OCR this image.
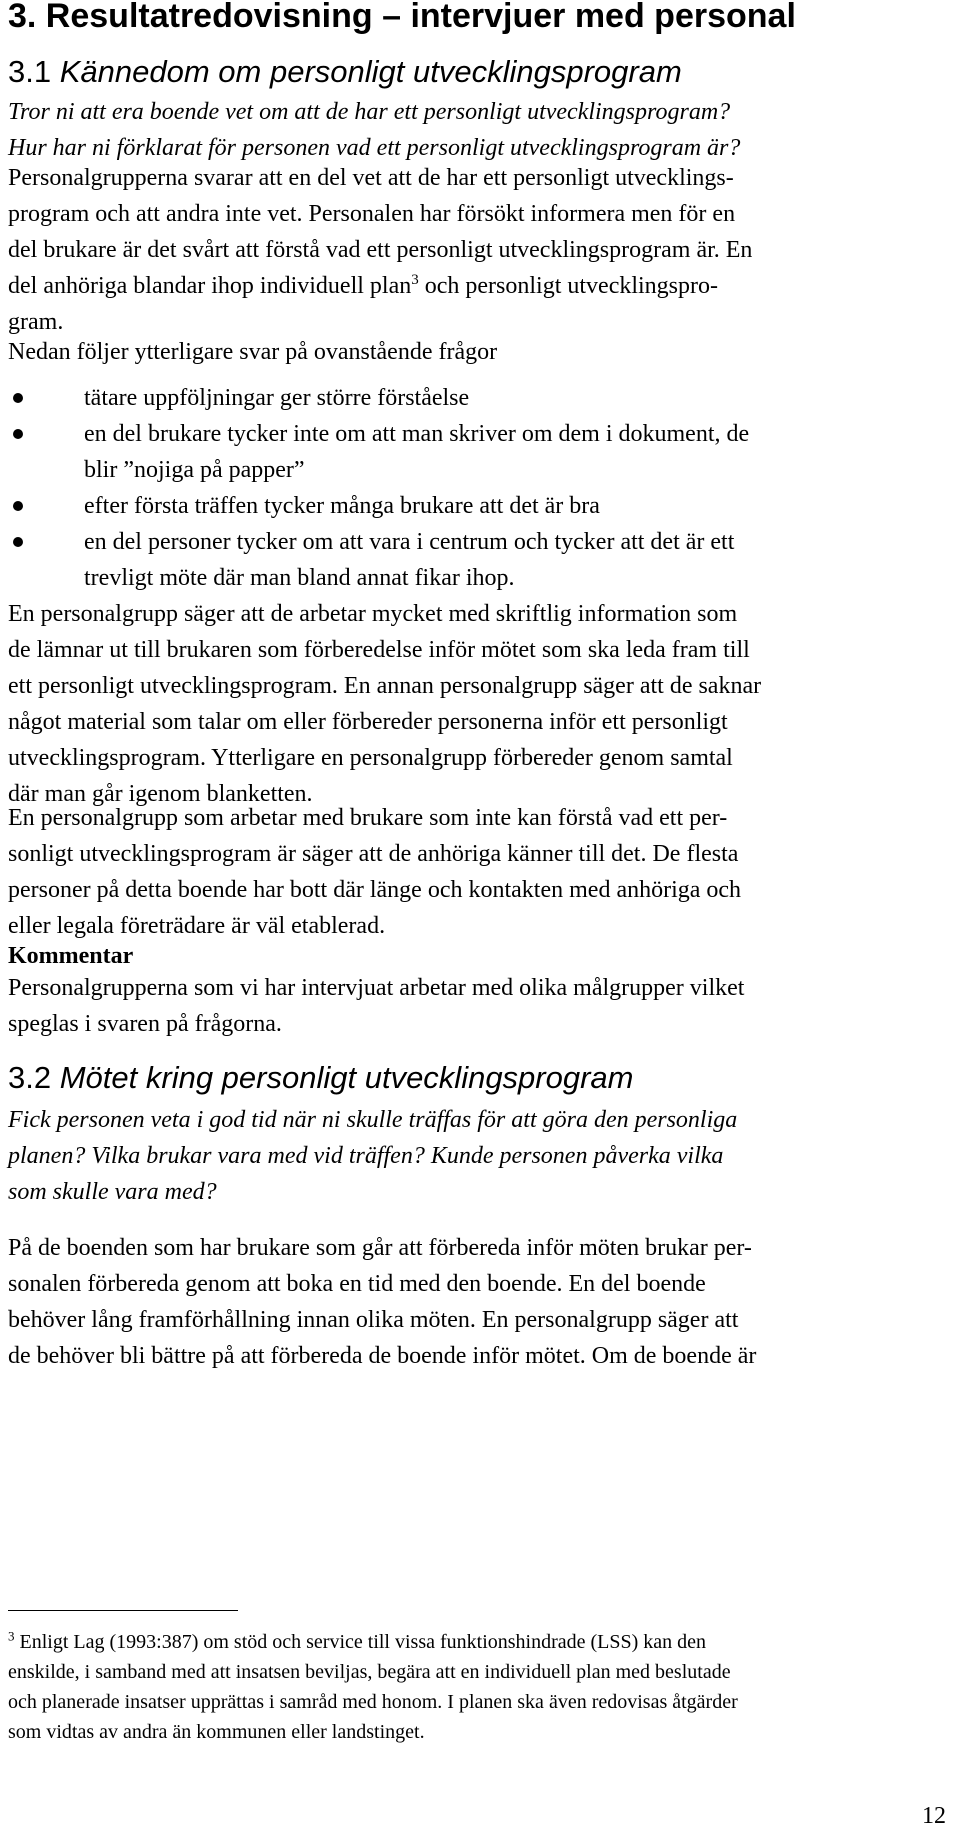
3. Resultatredovisning – intervjuer med personal
3.1 Kännedom om personligt utvecklingsprogram
Tror ni att era boende vet om att de har ett personligt utvecklingsprogram?
Hur har ni förklarat för personen vad ett personligt utvecklingsprogram är?
Personalgrupperna svarar att en del vet att de har ett personligt utvecklings-
program och att andra inte vet. Personalen har försökt informera men för en
del brukare är det svårt att förstå vad ett personligt utvecklingsprogram är. En
del anhöriga blandar ihop individuell plan$^3$ och personligt utvecklingspro-
gram.
Nedan följer ytterligare svar på ovanstående frågor
tätare uppföljningar ger större förståelse
en del brukare tycker inte om att man skriver om dem i dokument, de
blir ”nojiga på papper”
efter första träffen tycker många brukare att det är bra
en del personer tycker om att vara i centrum och tycker att det är ett
trevligt möte där man bland annat fikar ihop.
En personalgrupp säger att de arbetar mycket med skriftlig information som
de lämnar ut till brukaren som förberedelse inför mötet som ska leda fram till
ett personligt utvecklingsprogram. En annan personalgrupp säger att de saknar
något material som talar om eller förbereder personerna inför ett personligt
utvecklingsprogram. Ytterligare en personalgrupp förbereder genom samtal
där man går igenom blanketten.
En personalgrupp som arbetar med brukare som inte kan förstå vad ett per-
sonligt utvecklingsprogram är säger att de anhöriga känner till det. De flesta
personer på detta boende har bott där länge och kontakten med anhöriga och
eller legala företrädare är väl etablerad.
Kommentar
Personalgrupperna som vi har intervjuat arbetar med olika målgrupper vilket
speglas i svaren på frågorna.
3.2 Mötet kring personligt utvecklingsprogram
Fick personen veta i god tid när ni skulle träffas för att göra den personliga
planen? Vilka brukar vara med vid träffen? Kunde personen påverka vilka
som skulle vara med?
På de boenden som har brukare som går att förbereda inför möten brukar per-
sonalen förbereda genom att boka en tid med den boende. En del boende
behöver lång framförhållning innan olika möten. En personalgrupp säger att
de behöver bli bättre på att förbereda de boende inför mötet. Om de boende är
$^3$ Enligt Lag (1993:387) om stöd och service till vissa funktionshindrade (LSS) kan den
enskilde, i samband med att insatsen beviljas, begära att en individuell plan med beslutade
och planerade insatser upprättas i samråd med honom. I planen ska även redovisas åtgärder
som vidtas av andra än kommunen eller landstinget.
12
